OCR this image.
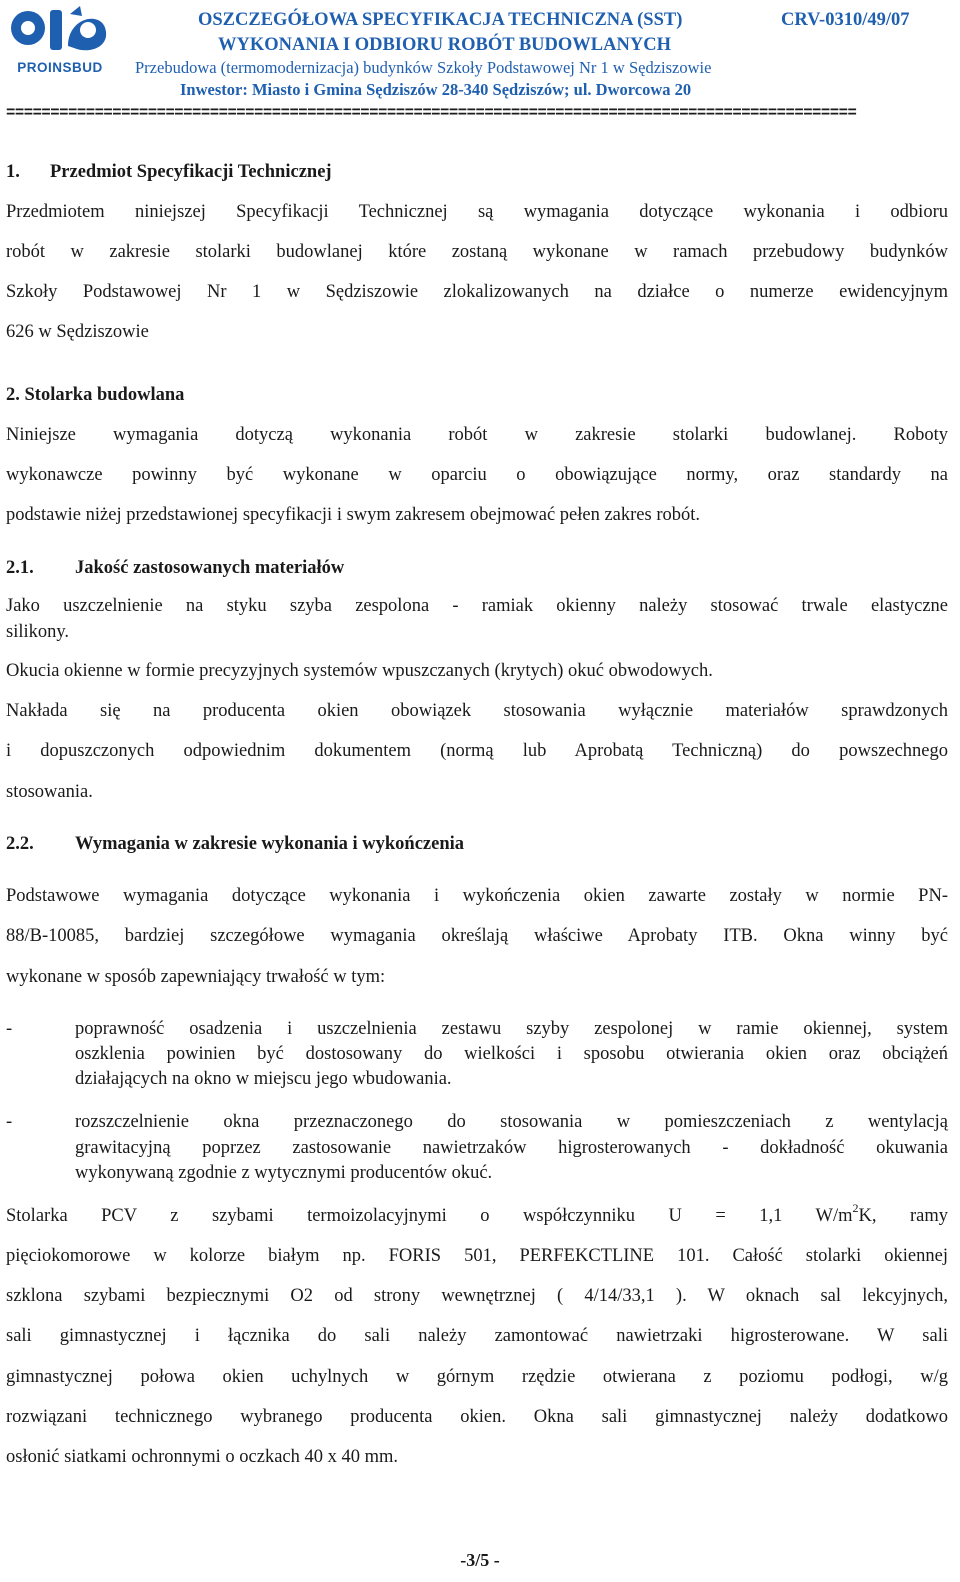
PROINSBUD
OSZCZEGÓŁOWA SPECYFIKACJA TECHNICZNA (SST)	CRV-0310/49/07
WYKONANIA I ODBIORU ROBÓT BUDOWLANYCH
Przebudowa (termomodernizacja) budynków Szkoły Podstawowej Nr 1 w Sędziszowie
Inwestor: Miasto i Gmina Sędziszów 28-340 Sędziszów; ul. Dworcowa 20
================================================================================================
1. Przedmiot Specyfikacji Technicznej
Przedmiotem niniejszej Specyfikacji Technicznej są wymagania dotyczące wykonania i odbioru
robót w zakresie stolarki budowlanej które zostaną wykonane w ramach przebudowy budynków
Szkoły Podstawowej Nr 1 w Sędziszowie zlokalizowanych na działce o numerze ewidencyjnym
626 w Sędziszowie
2. Stolarka budowlana
Niniejsze wymagania dotyczą wykonania robót w zakresie stolarki budowlanej. Roboty
wykonawcze powinny być wykonane w oparciu o obowiązujące normy, oraz standardy na
podstawie niżej przedstawionej specyfikacji i swym zakresem obejmować pełen zakres robót.
2.1. Jakość zastosowanych materiałów
Jako uszczelnienie na styku szyba zespolona - ramiak okienny należy stosować trwale elastyczne
silikony.
Okucia okienne w formie precyzyjnych systemów wpuszczanych (krytych) okuć obwodowych.
Nakłada się na producenta okien obowiązek stosowania wyłącznie materiałów sprawdzonych
i dopuszczonych odpowiednim dokumentem (normą lub Aprobatą Techniczną) do powszechnego
stosowania.
2.2. Wymagania w zakresie wykonania i wykończenia
Podstawowe wymagania dotyczące wykonania i wykończenia okien zawarte zostały w normie PN-
88/B-10085, bardziej szczegółowe wymagania określają właściwe Aprobaty ITB. Okna winny być
wykonane w sposób zapewniający trwałość w tym:
-	poprawność osadzenia i uszczelnienia zestawu szyby zespolonej w ramie okiennej, system
oszklenia powinien być dostosowany do wielkości i sposobu otwierania okien oraz obciążeń
działających na okno w miejscu jego wbudowania.
-	rozszczelnienie okna przeznaczonego do stosowania w pomieszczeniach z wentylacją
grawitacyjną poprzez zastosowanie nawietrzaków higrosterowanych - dokładność okuwania
wykonywaną zgodnie z wytycznymi producentów okuć.
Stolarka PCV z szybami termoizolacyjnymi o współczynniku U = 1,1 $W/m^2K$, ramy
pięciokomorowe w kolorze białym np. FORIS 501, PERFEKCTLINE 101. Całość stolarki okiennej
szklona szybami bezpiecznymi O2 od strony wewnętrznej ( 4/14/33,1 ). W oknach sal lekcyjnych,
sali gimnastycznej i łącznika do sali należy zamontować nawietrzaki higrosterowane. W sali
gimnastycznej połowa okien uchylnych w górnym rzędzie otwierana z poziomu podłogi, w/g
rozwiązani technicznego wybranego producenta okien. Okna sali gimnastycznej należy dodatkowo
osłonić siatkami ochronnymi o oczkach 40 x 40 mm.
-3/5 -
